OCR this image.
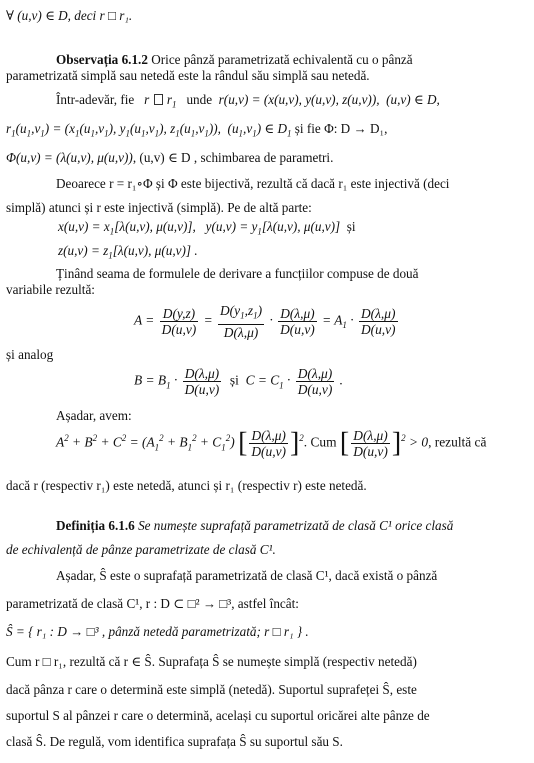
∀ (u,v) ∈ D, deci r □ r₁.
Observația 6.1.2 Orice pânză parametrizată echivalentă cu o pânză
parametrizată simplă sau netedă este la rândul său simplă sau netedă.
Într-adevăr, fie   r  $r_1$ unde r(u,v) = (x(u,v), y(u,v), z(u,v)),  (u,v) ∈ D,
$r_1(u_1,v_1) = (x_1(u_1,v_1)$, $y_1(u_1,v_1)$, $z_1(u_1,v_1)$),  $(u_1,v_1)$ ∈ $D_1$ și fie Φ: D → D₁,
Φ(u,v) = (λ(u,v), μ(u,v)), (u,v) ∈ D , schimbarea de parametri.
Deoarece r = r₁∘Φ și Φ este bijectivă, rezultă că dacă r₁ este injectivă (deci
simplă) atunci și r este injectivă (simplă). Pe de altă parte:
$x(u,v) = x_1[\lambda(u,v)$, μ(u,v)],   $y(u,v) = y_1[\lambda(u,v)$, μ(u,v)] și
$z(u,v) = z_1[\lambda(u,v)$, μ(u,v)] .
Ținând seama de formulele de derivare a funcțiilor compuse de două
variabile rezultă:
$A = \frac{D(y,z)}{D(u,v)} = \frac{D(y_1,z_1)}{D(\lambda,\mu)} \cdot \frac{D(\lambda,\mu)}{D(u,v)} = A_1 \cdot \frac{D(\lambda,\mu)}{D(u,v)}$
și analog
$B = B_1 \cdot \frac{D(\lambda,\mu)}{D(u,v)}$ și  $C = C_1 \cdot \frac{D(\lambda,\mu)}{D(u,v)}$ .
Așadar, avem:
$A^2 + B^2 + C^2 = (A_1^2 + B_1^2 + C_1^2)$ [ $\frac{D(\lambda,\mu)}{D(u,v)} ]^2$. Cum [ $\frac{D(\lambda,\mu)}{D(u,v)} ]^2 > 0$, rezultă că
dacă r (respectiv r₁) este netedă, atunci și r₁ (respectiv r) este netedă.
Definiția 6.1.6 Se numește suprafață parametrizată de clasă C¹ orice clasă
de echivalență de pânze parametrizate de clasă C¹.
Așadar, Ŝ este o suprafață parametrizată de clasă C¹, dacă există o pânză
parametrizată de clasă C¹, r : D ⊂ □² → □³, astfel încât:
Ŝ = { r₁ : D → □³ , pânză netedă parametrizată; r □ r₁ } .
Cum r □ r₁, rezultă că r ∈ Ŝ. Suprafața Ŝ se numește simplă (respectiv netedă)
dacă pânza r care o determină este simplă (netedă). Suportul suprafeței Ŝ, este
suportul S al pânzei r care o determină, același cu suportul oricărei alte pânze de
clasă Ŝ. De regulă, vom identifica suprafața Ŝ su suportul său S.
